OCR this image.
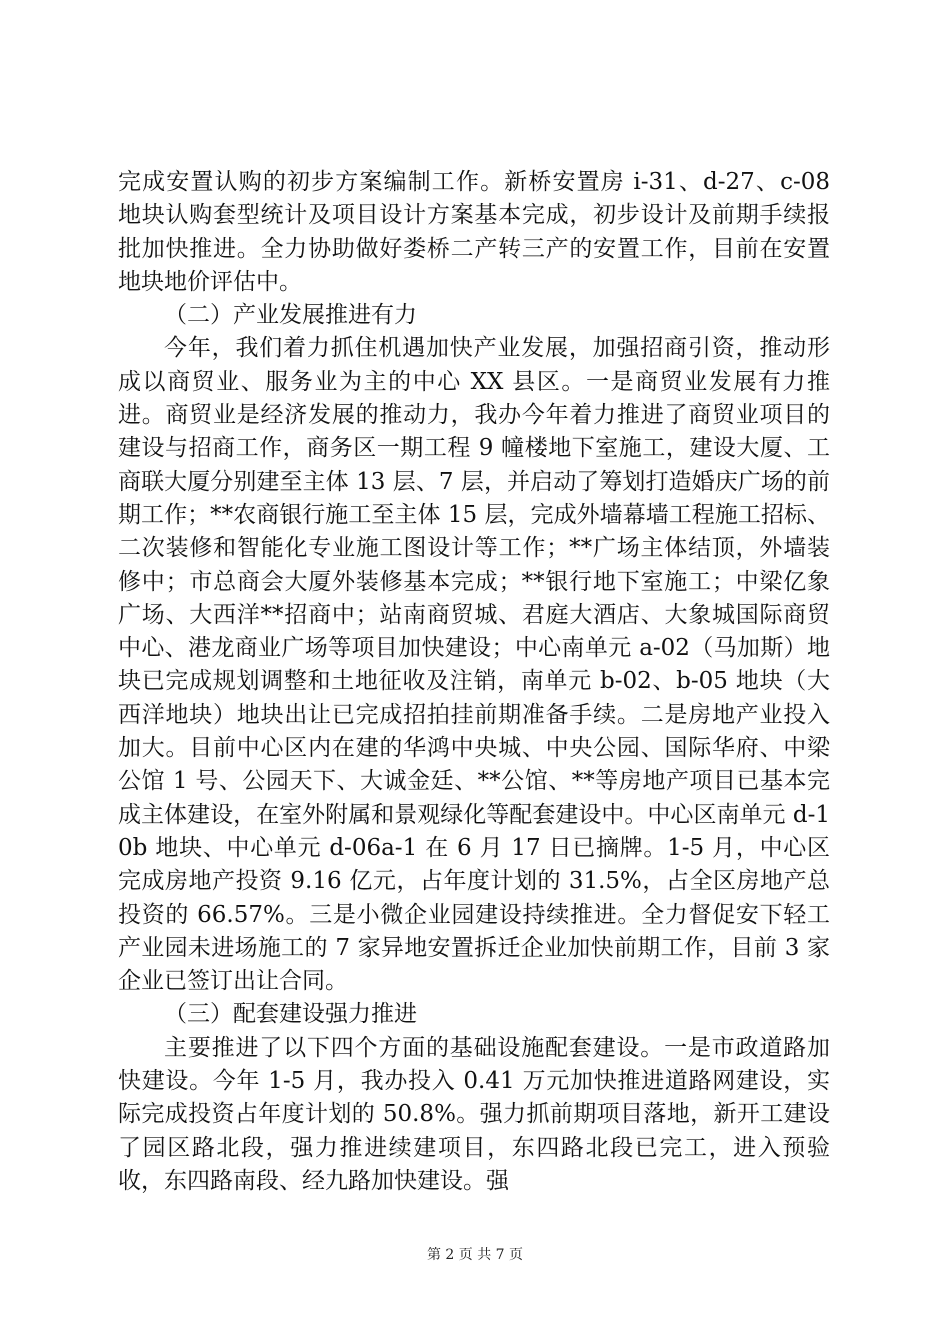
完成安置认购的初步方案编制工作。新桥安置房 i-31、d-27、c-08 地块认购套型统计及项目设计方案基本完成，初步设计及前期手续报批加快推进。全力协助做好娄桥二产转三产的安置工作，目前在安置地块地价评估中。

（二）产业发展推进有力

今年，我们着力抓住机遇加快产业发展，加强招商引资，推动形成以商贸业、服务业为主的中心 XX 县区。一是商贸业发展有力推进。商贸业是经济发展的推动力，我办今年着力推进了商贸业项目的建设与招商工作，商务区一期工程 9 幢楼地下室施工，建设大厦、工商联大厦分别建至主体 13 层、7 层，并启动了筹划打造婚庆广场的前期工作；**农商银行施工至主体 15 层，完成外墙幕墙工程施工招标、二次装修和智能化专业施工图设计等工作；**广场主体结顶，外墙装修中；市总商会大厦外装修基本完成；**银行地下室施工；中梁亿象广场、大西洋**招商中；站南商贸城、君庭大酒店、大象城国际商贸中心、港龙商业广场等项目加快建设；中心南单元 a-02（马加斯）地块已完成规划调整和土地征收及注销，南单元 b-02、b-05 地块（大西洋地块）地块出让已完成招拍挂前期准备手续。二是房地产业投入加大。目前中心区内在建的华鸿中央城、中央公园、国际华府、中梁公馆 1 号、公园天下、大诚金廷、**公馆、**等房地产项目已基本完成主体建设，在室外附属和景观绿化等配套建设中。中心区南单元 d-10b 地块、中心单元 d-06a-1 在 6 月 17 日已摘牌。1-5 月，中心区完成房地产投资 9.16 亿元，占年度计划的 31.5%，占全区房地产总投资的 66.57%。三是小微企业园建设持续推进。全力督促安下轻工产业园未进场施工的 7 家异地安置拆迁企业加快前期工作，目前 3 家企业已签订出让合同。

（三）配套建设强力推进

主要推进了以下四个方面的基础设施配套建设。一是市政道路加快建设。今年 1-5 月，我办投入 0.41 万元加快推进道路网建设，实际完成投资占年度计划的 50.8%。强力抓前期项目落地，新开工建设了园区路北段，强力推进续建项目，东四路北段已完工，进入预验收，东四路南段、经九路加快建设。强

第 2 页 共 7 页
